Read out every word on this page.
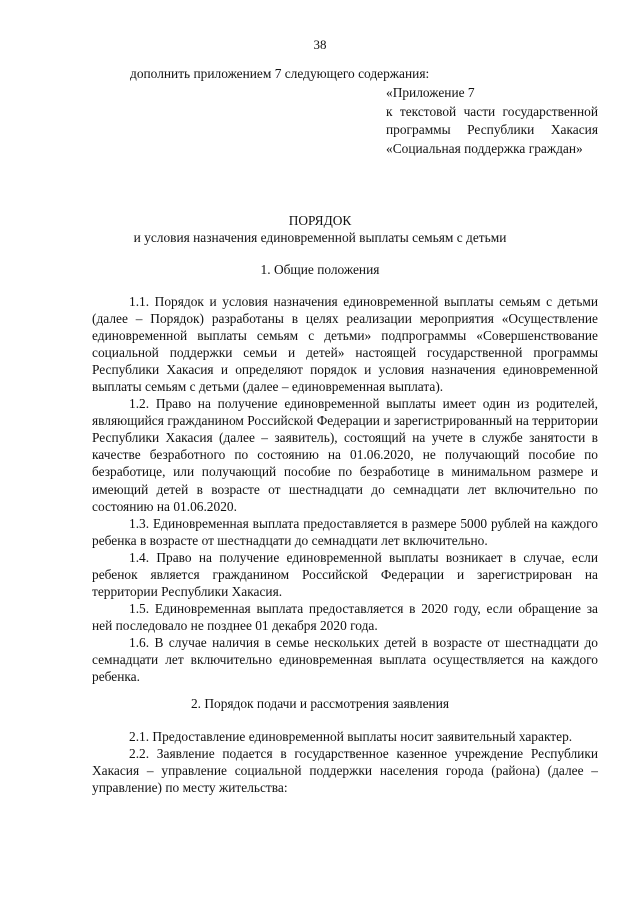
38
дополнить приложением 7 следующего содержания:
«Приложение 7
к текстовой части государственной
программы Республики Хакасия
«Социальная поддержка граждан»
ПОРЯДОК
и условия назначения единовременной выплаты семьям с детьми
1. Общие положения

1.1. Порядок и условия назначения единовременной выплаты семьям с детьми (далее – Порядок) разработаны в целях реализации мероприятия «Осуществление единовременной выплаты семьям с детьми» подпрограммы «Совершенствование социальной поддержки семьи и детей» настоящей государственной программы Республики Хакасия и определяют порядок и условия назначения единовременной выплаты семьям с детьми (далее – единовременная выплата).

1.2. Право на получение единовременной выплаты имеет один из родителей, являющийся гражданином Российской Федерации и зарегистрированный на территории Республики Хакасия (далее – заявитель), состоящий на учете в службе занятости в качестве безработного по состоянию на 01.06.2020, не получающий пособие по безработице, или получающий пособие по безработице в минимальном размере и имеющий детей в возрасте от шестнадцати до семнадцати лет включительно по состоянию на 01.06.2020.

1.3. Единовременная выплата предоставляется в размере 5000 рублей на каждого ребенка в возрасте от шестнадцати до семнадцати лет включительно.

1.4. Право на получение единовременной выплаты возникает в случае, если ребенок является гражданином Российской Федерации и зарегистрирован на территории Республики Хакасия.

1.5. Единовременная выплата предоставляется в 2020 году, если обращение за ней последовало не позднее 01 декабря 2020 года.

1.6. В случае наличия в семье нескольких детей в возрасте от шестнадцати до семнадцати лет включительно единовременная выплата осуществляется на каждого ребенка.

2. Порядок подачи и рассмотрения заявления

2.1. Предоставление единовременной выплаты носит заявительный характер.

2.2. Заявление подается в государственное казенное учреждение Республики Хакасия – управление социальной поддержки населения города (района) (далее – управление) по месту жительства:
